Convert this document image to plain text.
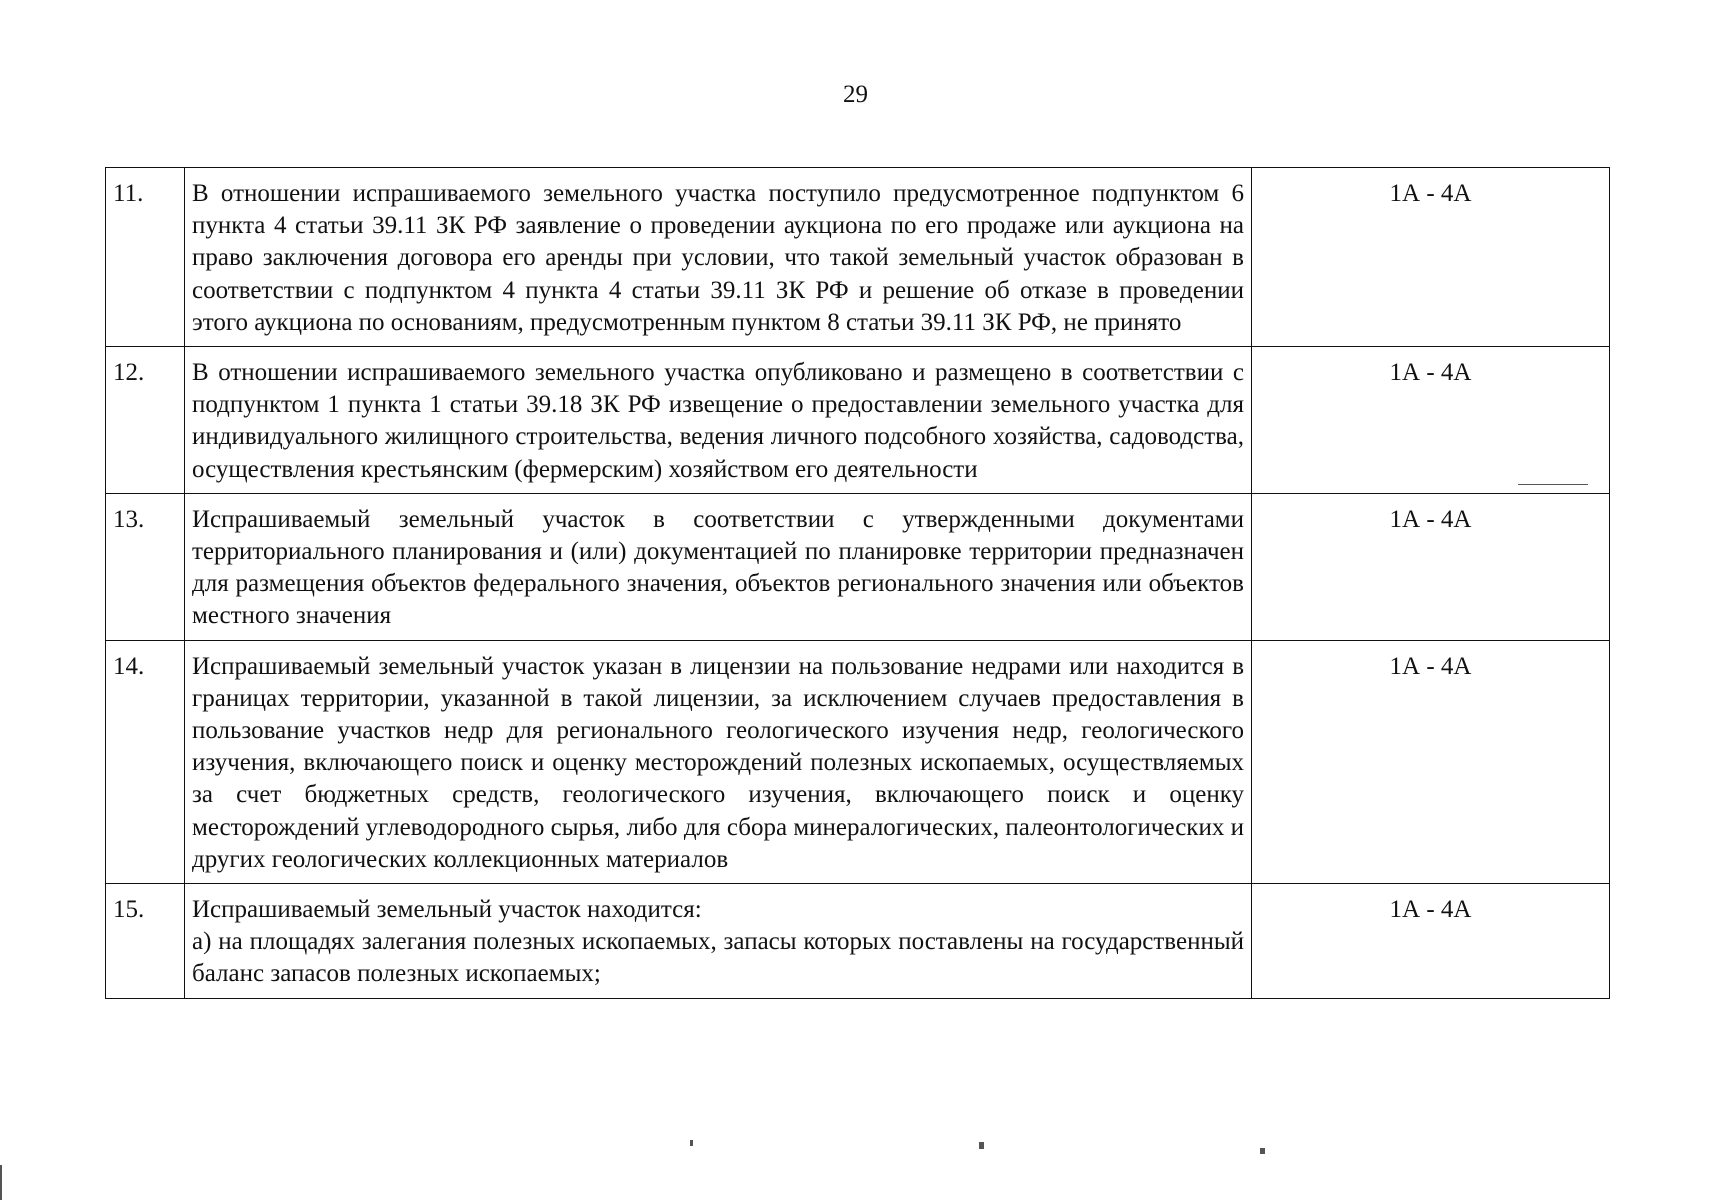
29
11.	В отношении испрашиваемого земельного участка поступило предусмотренное подпунктом 6 пункта 4 статьи 39.11 ЗК РФ заявление о проведении аукциона по его продаже или аукциона на право заключения договора его аренды при условии, что такой земельный участок образован в соответствии с подпунктом 4 пункта 4 статьи 39.11 ЗК РФ и решение об отказе в проведении этого аукциона по основаниям, предусмотренным пунктом 8 статьи 39.11 ЗК РФ, не принято	1А - 4А
12.	В отношении испрашиваемого земельного участка опубликовано и размещено в соответствии с подпунктом 1 пункта 1 статьи 39.18 ЗК РФ извещение о предоставлении земельного участка для индивидуального жилищного строительства, ведения личного подсобного хозяйства, садоводства, осуществления крестьянским (фермерским) хозяйством его деятельности	1А - 4А
13.	Испрашиваемый земельный участок в соответствии с утвержденными документами территориального планирования и (или) документацией по планировке территории предназначен для размещения объектов федерального значения, объектов регионального значения или объектов местного значения	1А - 4А
14.	Испрашиваемый земельный участок указан в лицензии на пользование недрами или находится в границах территории, указанной в такой лицензии, за исключением случаев предоставления в пользование участков недр для регионального геологического изучения недр, геологического изучения, включающего поиск и оценку месторождений полезных ископаемых, осуществляемых за счет бюджетных средств, геологического изучения, включающего поиск и оценку месторождений углеводородного сырья, либо для сбора минералогических, палеонтологических и других геологических коллекционных материалов	1А - 4А
15.	Испрашиваемый земельный участок находится:
а) на площадях залегания полезных ископаемых, запасы которых поставлены на государственный баланс запасов полезных ископаемых;	1А - 4А
